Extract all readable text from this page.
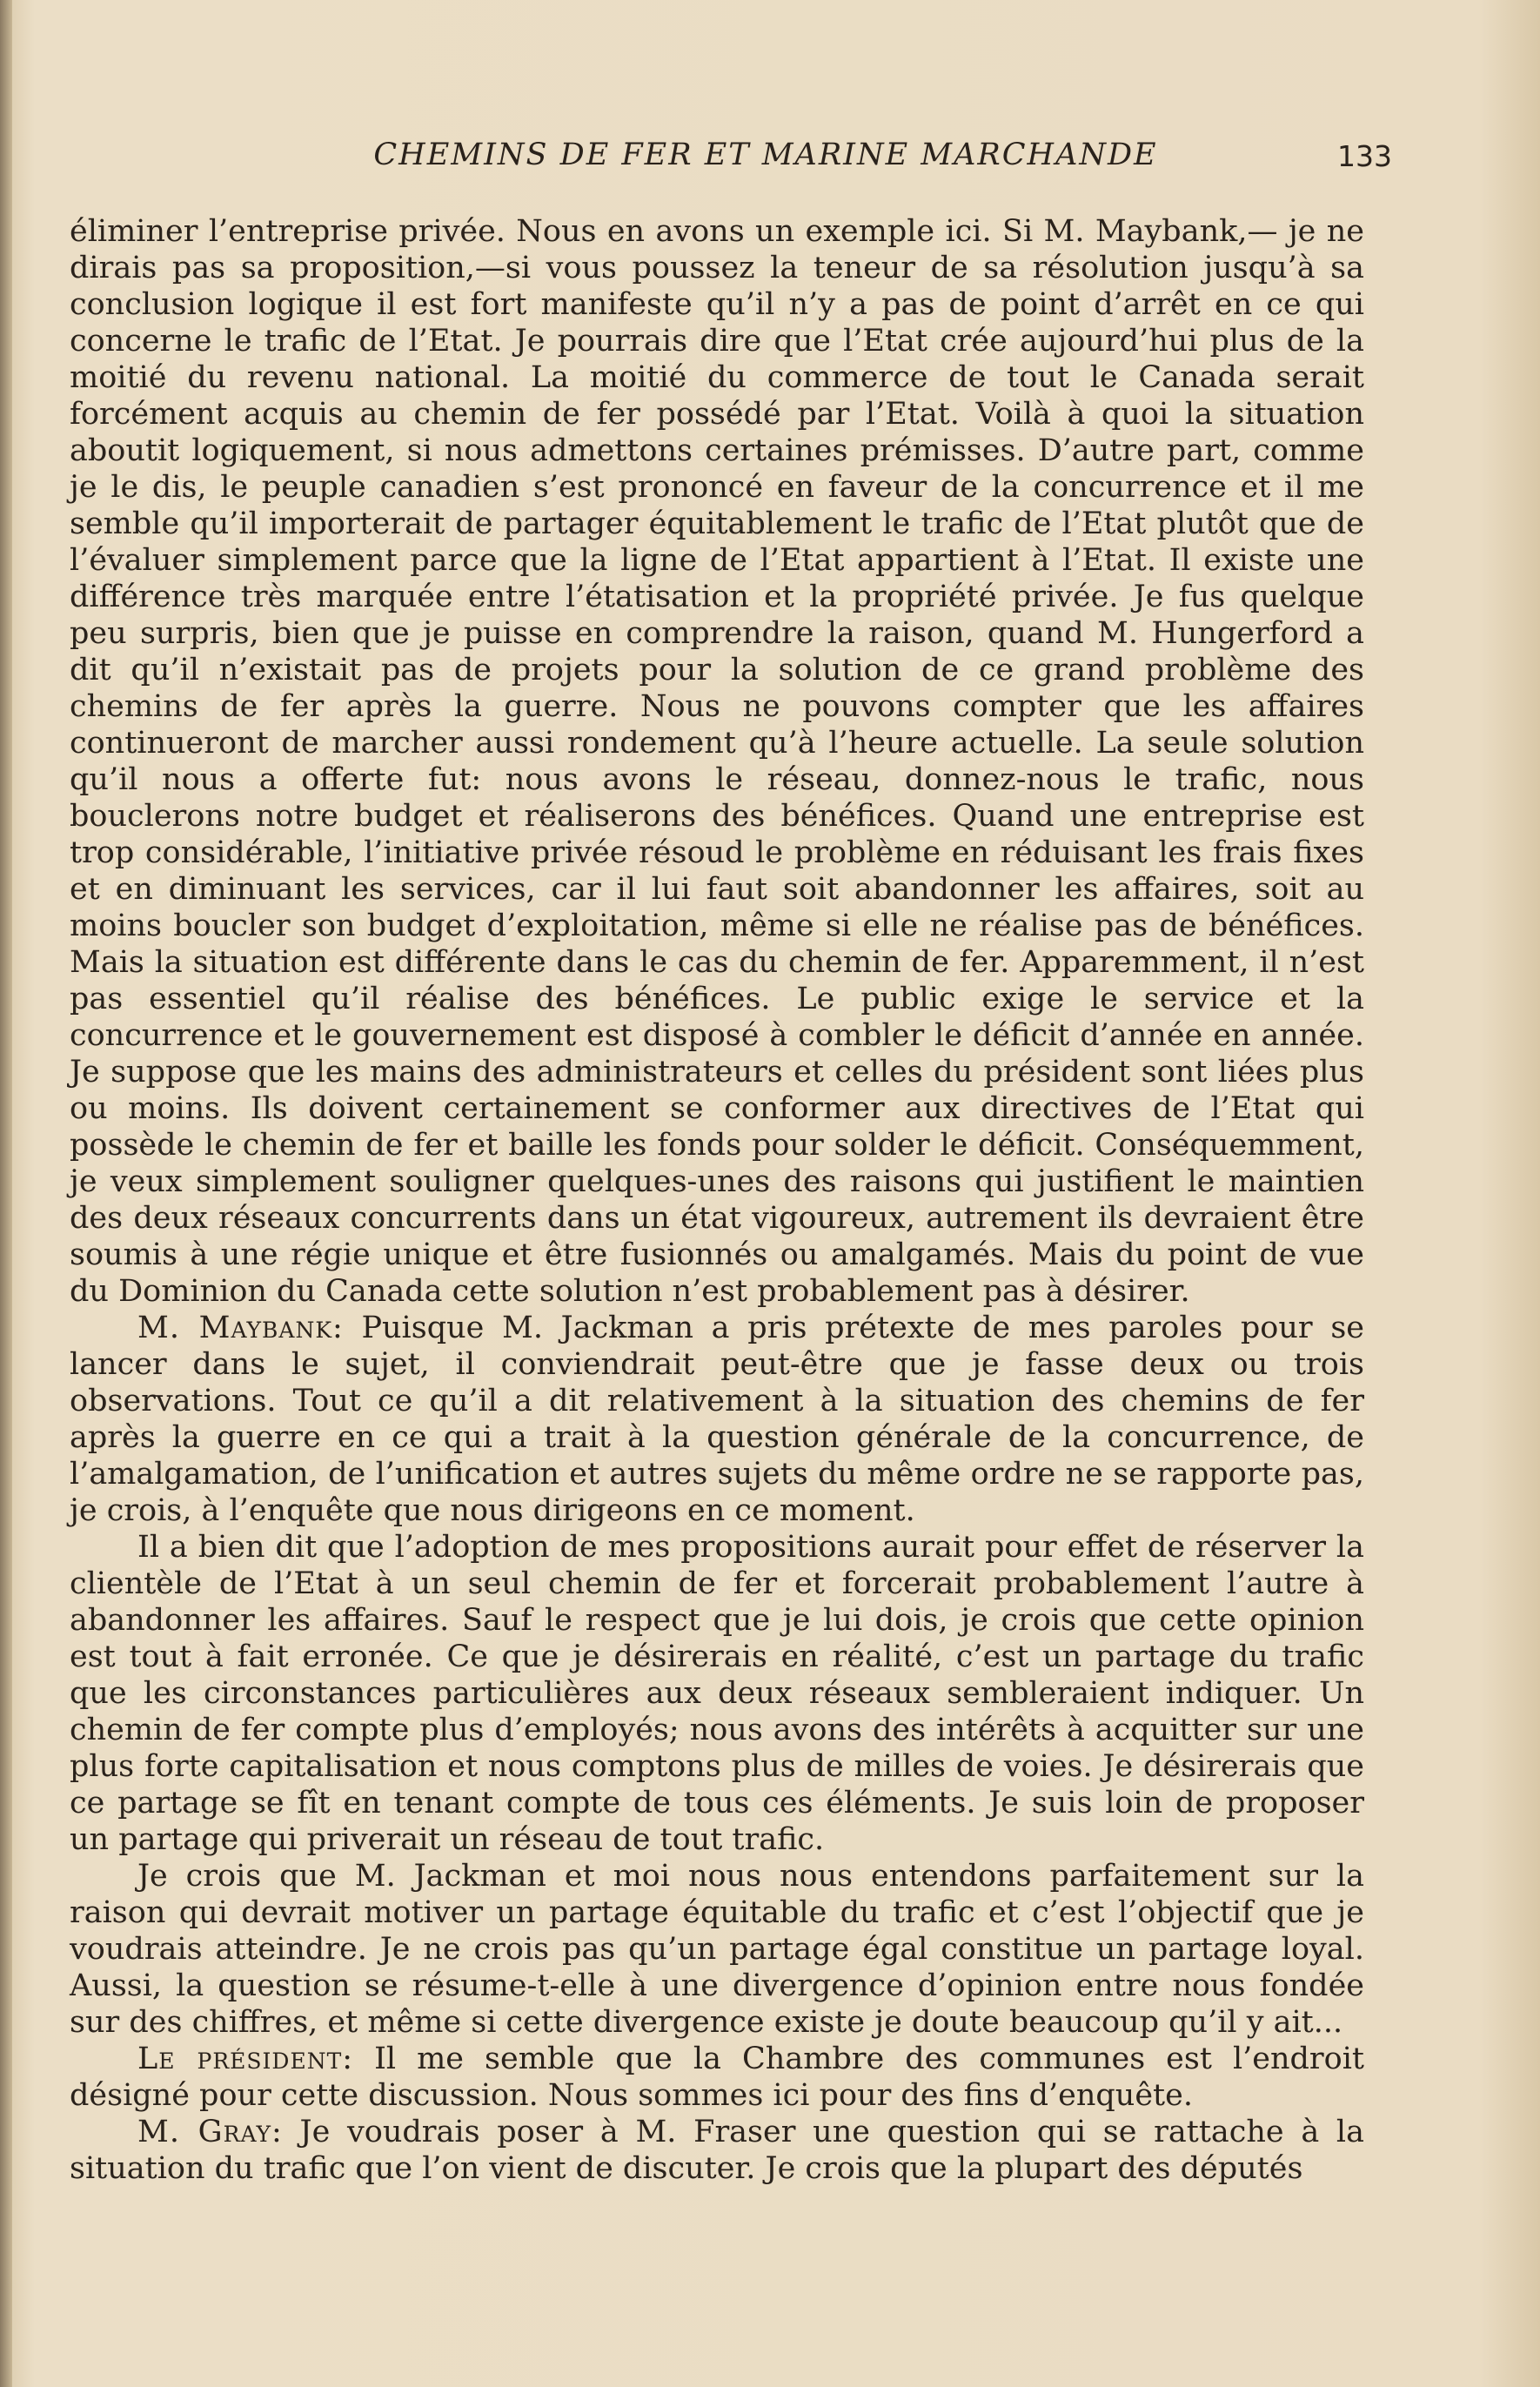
CHEMINS DE FER ET MARINE MARCHANDE	133

éliminer l’entreprise privée. Nous en avons un exemple ici. Si M. Maybank,— je ne dirais pas sa proposition,—si vous poussez la teneur de sa résolution jusqu’à sa conclusion logique il est fort manifeste qu’il n’y a pas de point d’arrêt en ce qui concerne le trafic de l’Etat. Je pourrais dire que l’Etat crée aujourd’hui plus de la moitié du revenu national. La moitié du commerce de tout le Canada serait forcément acquis au chemin de fer possédé par l’Etat. Voilà à quoi la situation aboutit logiquement, si nous admettons certaines prémisses. D’autre part, comme je le dis, le peuple canadien s’est prononcé en faveur de la concurrence et il me semble qu’il importerait de partager équitablement le trafic de l’Etat plutôt que de l’évaluer simplement parce que la ligne de l’Etat appartient à l’Etat. Il existe une différence très marquée entre l’étatisation et la propriété privée. Je fus quelque peu surpris, bien que je puisse en comprendre la raison, quand M. Hungerford a dit qu’il n’existait pas de projets pour la solution de ce grand problème des chemins de fer après la guerre. Nous ne pouvons compter que les affaires continueront de marcher aussi rondement qu’à l’heure actuelle. La seule solution qu’il nous a offerte fut: nous avons le réseau, donnez-nous le trafic, nous bouclerons notre budget et réaliserons des bénéfices. Quand une entreprise est trop considérable, l’initiative privée résoud le problème en réduisant les frais fixes et en diminuant les services, car il lui faut soit abandonner les affaires, soit au moins boucler son budget d’exploitation, même si elle ne réalise pas de bénéfices. Mais la situation est différente dans le cas du chemin de fer. Apparemment, il n’est pas essentiel qu’il réalise des bénéfices. Le public exige le service et la concurrence et le gouvernement est disposé à combler le déficit d’année en année. Je suppose que les mains des administrateurs et celles du président sont liées plus ou moins. Ils doivent certainement se conformer aux directives de l’Etat qui possède le chemin de fer et baille les fonds pour solder le déficit. Conséquemment, je veux simplement souligner quelques-unes des raisons qui justifient le maintien des deux réseaux concurrents dans un état vigoureux, autrement ils devraient être soumis à une régie unique et être fusionnés ou amalgamés. Mais du point de vue du Dominion du Canada cette solution n’est probablement pas à désirer.

M. Maybank: Puisque M. Jackman a pris prétexte de mes paroles pour se lancer dans le sujet, il conviendrait peut-être que je fasse deux ou trois observations. Tout ce qu’il a dit relativement à la situation des chemins de fer après la guerre en ce qui a trait à la question générale de la concurrence, de l’amalgamation, de l’unification et autres sujets du même ordre ne se rapporte pas, je crois, à l’enquête que nous dirigeons en ce moment.

Il a bien dit que l’adoption de mes propositions aurait pour effet de réserver la clientèle de l’Etat à un seul chemin de fer et forcerait probablement l’autre à abandonner les affaires. Sauf le respect que je lui dois, je crois que cette opinion est tout à fait erronée. Ce que je désirerais en réalité, c’est un partage du trafic que les circonstances particulières aux deux réseaux sembleraient indiquer. Un chemin de fer compte plus d’employés; nous avons des intérêts à acquitter sur une plus forte capitalisation et nous comptons plus de milles de voies. Je désirerais que ce partage se fît en tenant compte de tous ces éléments. Je suis loin de proposer un partage qui priverait un réseau de tout trafic.

Je crois que M. Jackman et moi nous nous entendons parfaitement sur la raison qui devrait motiver un partage équitable du trafic et c’est l’objectif que je voudrais atteindre. Je ne crois pas qu’un partage égal constitue un partage loyal. Aussi, la question se résume-t-elle à une divergence d’opinion entre nous fondée sur des chiffres, et même si cette divergence existe je doute beaucoup qu’il y ait...

Le président: Il me semble que la Chambre des communes est l’endroit désigné pour cette discussion. Nous sommes ici pour des fins d’enquête.

M. Gray: Je voudrais poser à M. Fraser une question qui se rattache à la situation du trafic que l’on vient de discuter. Je crois que la plupart des députés
